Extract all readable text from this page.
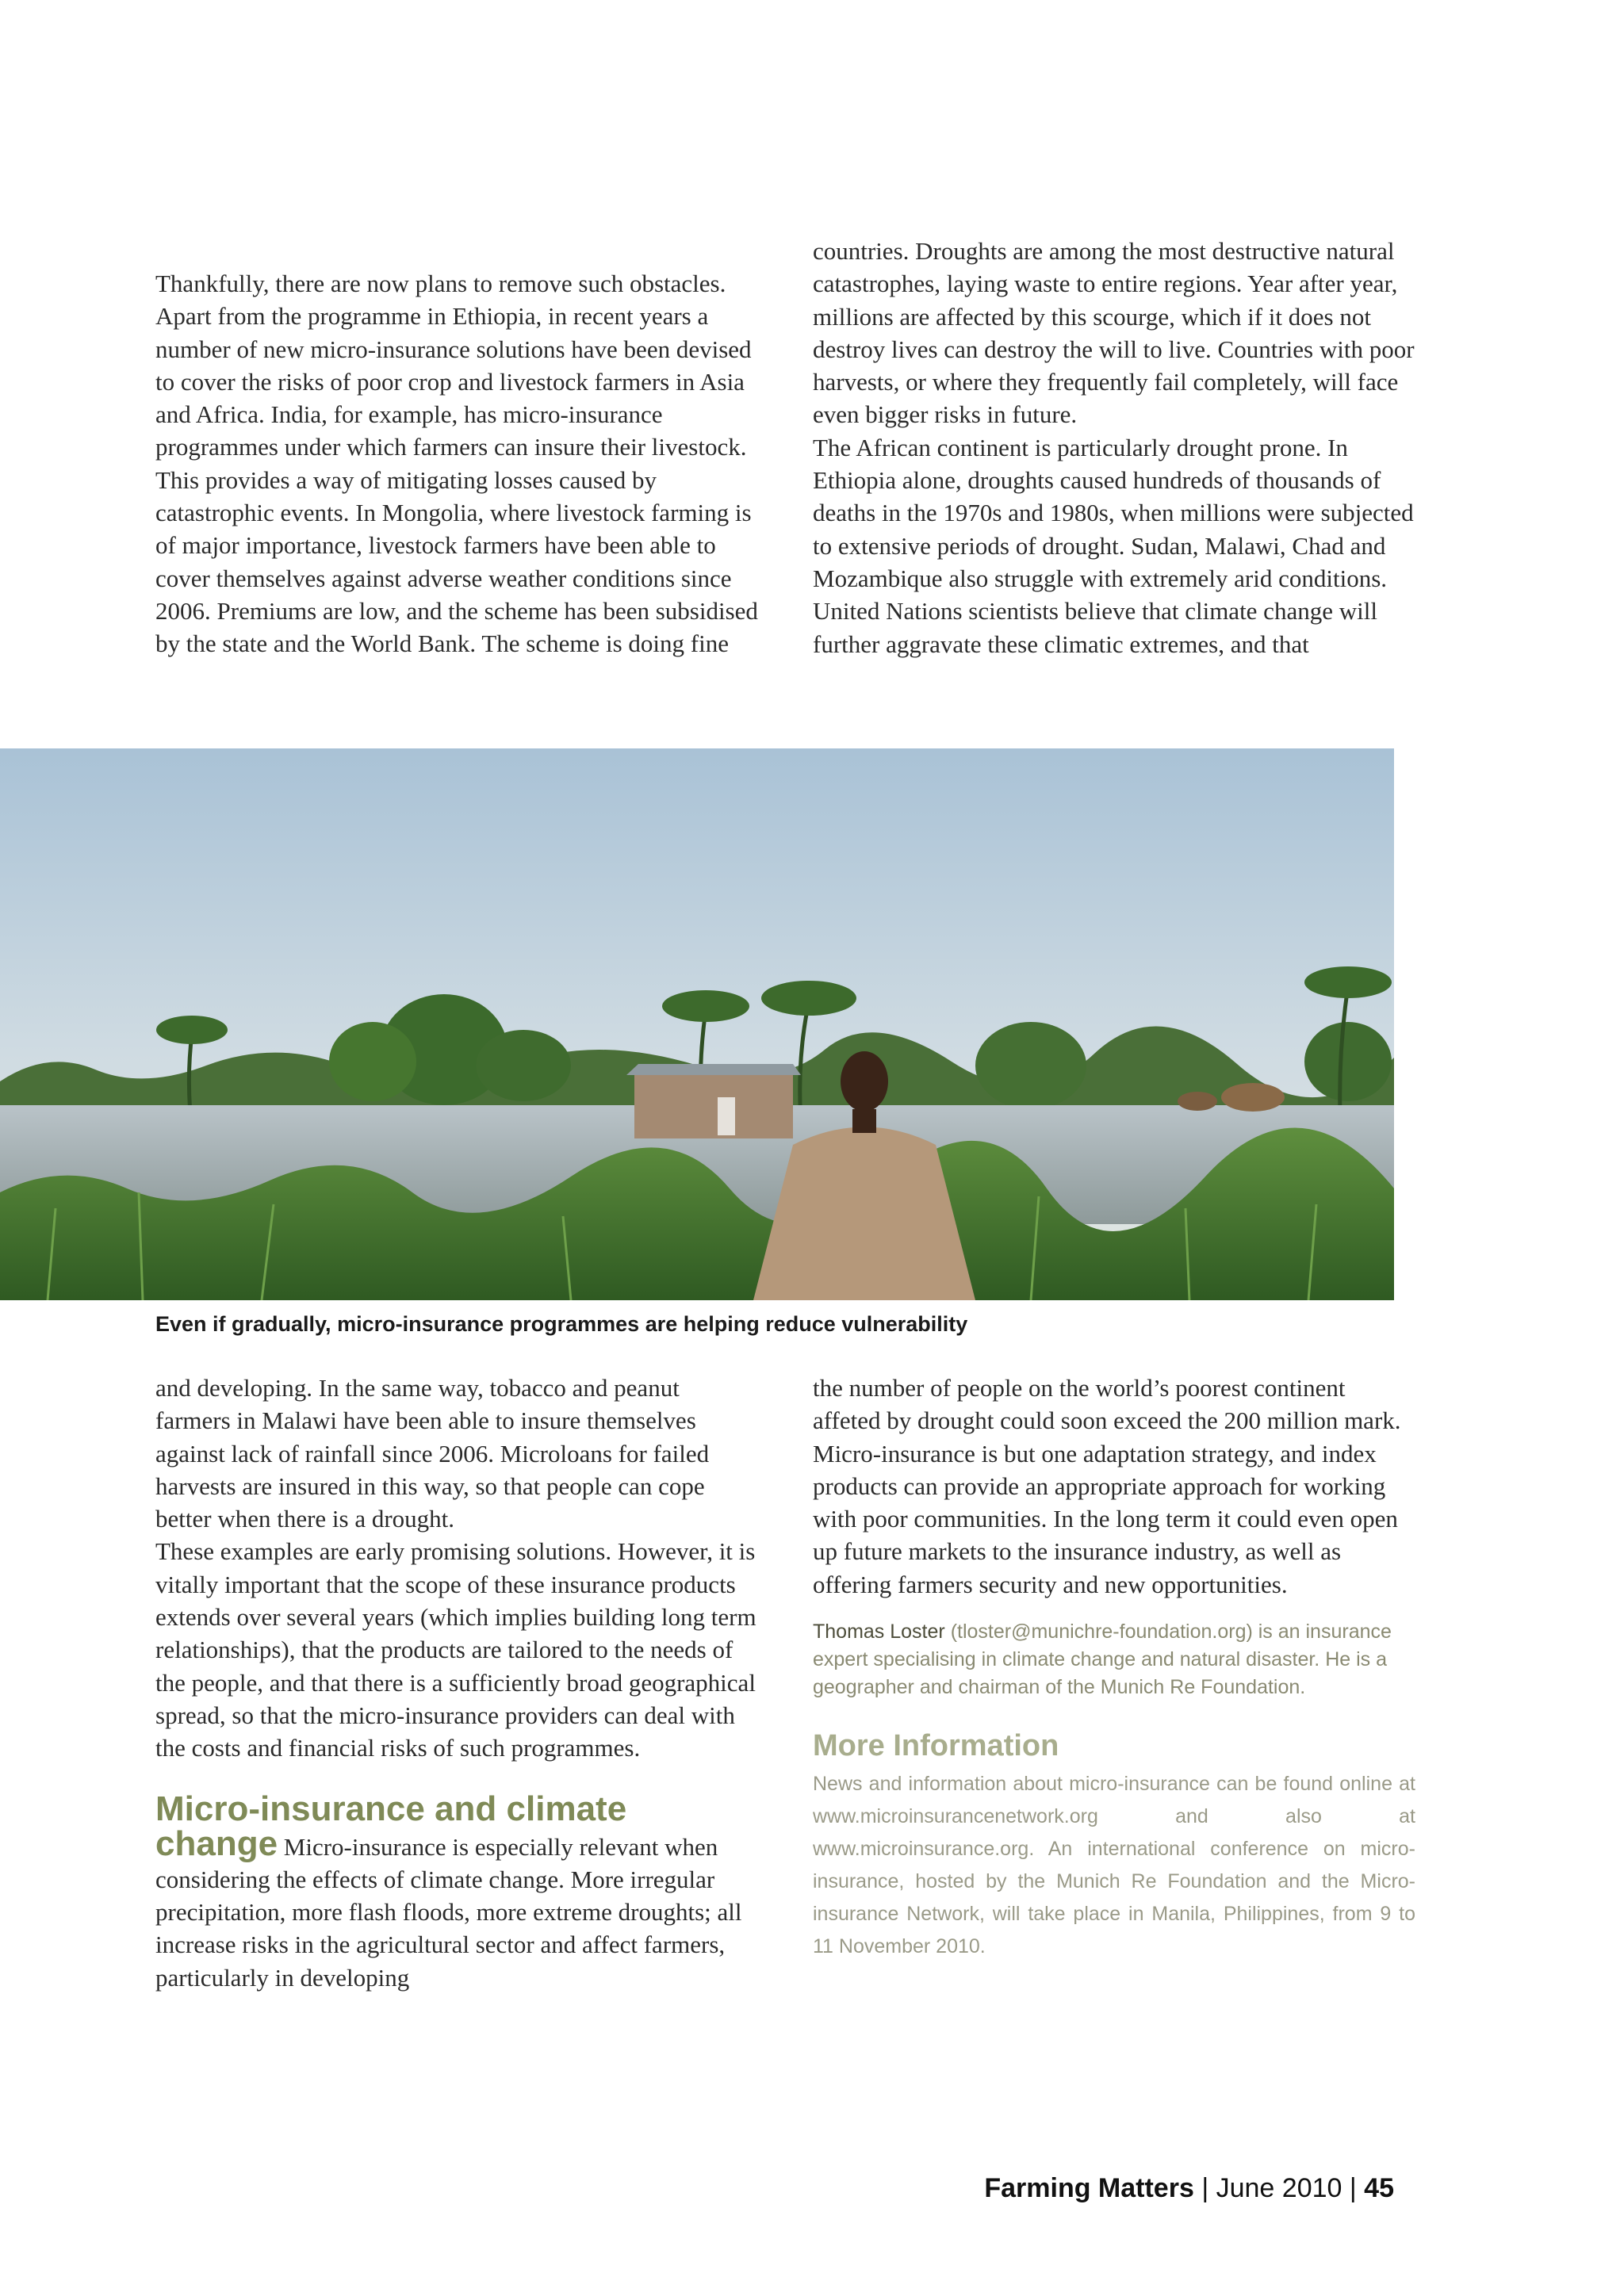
Thankfully, there are now plans to remove such obstacles. Apart from the programme in Ethiopia, in recent years a number of new micro-insurance solutions have been devised to cover the risks of poor crop and livestock farmers in Asia and Africa. India, for example, has micro-insurance programmes under which farmers can insure their livestock. This provides a way of mitigating losses caused by catastrophic events. In Mongolia, where livestock farming is of major importance, livestock farmers have been able to cover themselves against adverse weather conditions since 2006. Premiums are low, and the scheme has been subsidised by the state and the World Bank. The scheme is doing fine

countries. Droughts are among the most destructive natural catastrophes, laying waste to entire regions. Year after year, millions are affected by this scourge, which if it does not destroy lives can destroy the will to live. Countries with poor harvests, or where they frequently fail completely, will face even bigger risks in future.

The African continent is particularly drought prone. In Ethiopia alone, droughts caused hundreds of thousands of deaths in the 1970s and 1980s, when millions were subjected to extensive periods of drought. Sudan, Malawi, Chad and Mozambique also struggle with extremely arid conditions. United Nations scientists believe that climate change will further aggravate these climatic extremes, and that

Even if gradually, micro-insurance programmes are helping reduce vulnerability

and developing. In the same way, tobacco and peanut farmers in Malawi have been able to insure themselves against lack of rainfall since 2006. Microloans for failed harvests are insured in this way, so that people can cope better when there is a drought.

These examples are early promising solutions. However, it is vitally important that the scope of these insurance products extends over several years (which implies building long term relationships), that the products are tailored to the needs of the people, and that there is a sufficiently broad geographical spread, so that the micro-insurance providers can deal with the costs and financial risks of such programmes.

Micro-insurance and climate
change Micro-insurance is especially relevant when considering the effects of climate change. More irregular precipitation, more flash floods, more extreme droughts; all increase risks in the agricultural sector and affect farmers, particularly in developing

the number of people on the world’s poorest continent affeted by drought could soon exceed the 200 million mark.

Micro-insurance is but one adaptation strategy, and index products can provide an appropriate approach for working with poor communities. In the long term it could even open up future markets to the insurance industry, as well as offering farmers security and new opportunities.

Thomas Loster (tloster@munichre-foundation.org) is an insurance expert specialising in climate change and natural disaster. He is a geographer and chairman of the Munich Re Foundation.
More Information
News and information about micro-insurance can be found online at www.microinsurancenetwork.org and also at www.microinsurance.org. An international conference on micro-insurance, hosted by the Munich Re Foundation and the Micro-insurance Network, will take place in Manila, Philippines, from 9 to 11 November 2010.
Farming Matters | June 2010 | 45
